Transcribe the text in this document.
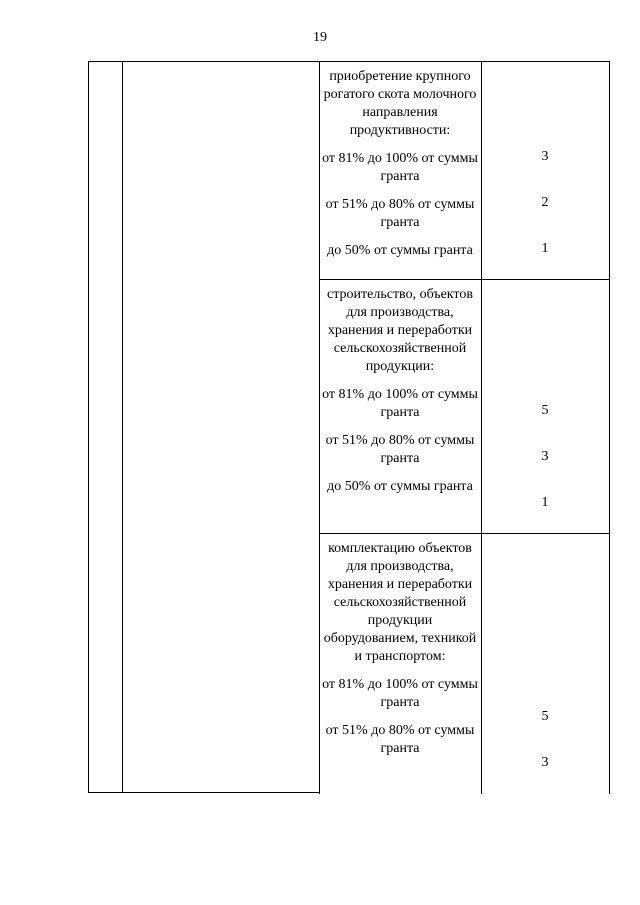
19
приобретение крупного рогатого скота молочного направления продуктивности:
от 81% до 100% от суммы гранта
от 51% до 80% от суммы гранта
до 50% от суммы гранта
3
2
1
строительство, объектов для производства, хранения и переработки сельскохозяйственной продукции:
от 81% до 100% от суммы гранта
от 51% до 80% от суммы гранта
до 50% от суммы гранта
5
3
1
комплектацию объектов для производства, хранения и переработки сельскохозяйственной продукции оборудованием, техникой и транспортом:
от 81% до 100% от суммы гранта
от 51% до 80% от суммы гранта
5
3
